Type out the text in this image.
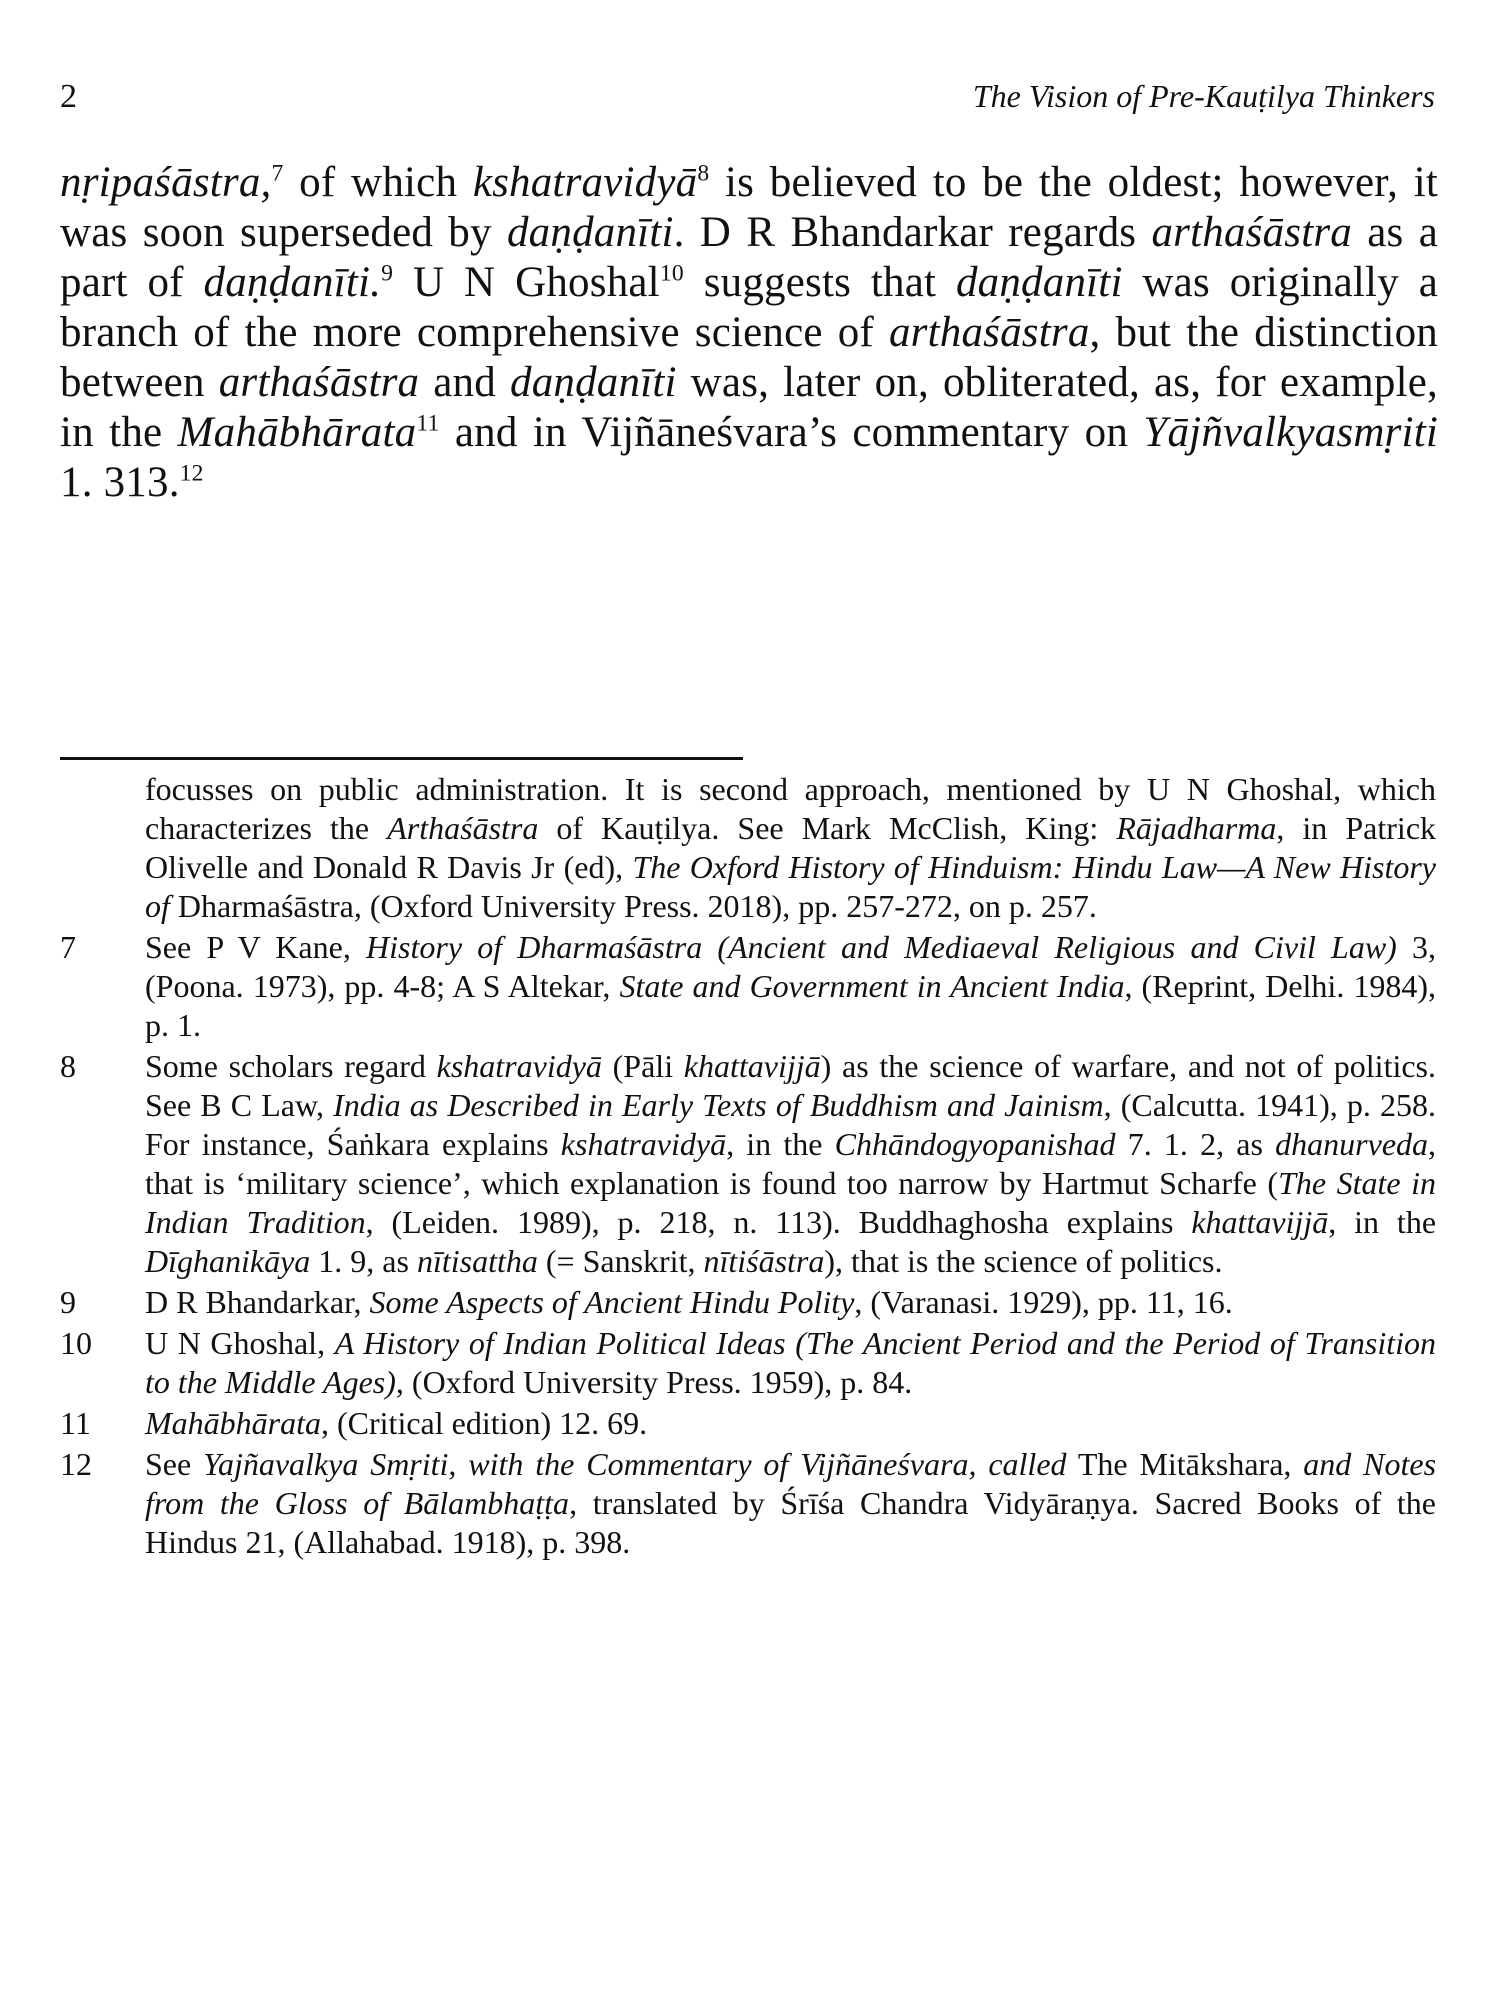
2	The Vision of Pre-Kauṭilya Thinkers

nṛipaśāstra,$^7$ of which kshatravidyā$^8$ is believed to be the oldest; however, it was soon superseded by daṇḍanīti. D R Bhandarkar regards arthaśāstra as a part of daṇḍanīti.$^9$ U N Ghoshal$^{10}$ suggests that daṇḍanīti was originally a branch of the more comprehensive science of arthaśāstra, but the distinction between arthaśāstra and daṇḍanīti was, later on, obliterated, as, for example, in the Mahābhārata$^{11}$ and in Vijñāneśvara’s commentary on Yājñvalkyasmṛiti 1. 313.12

focusses on public administration. It is second approach, mentioned by U N Ghoshal, which characterizes the Arthaśāstra of Kauṭilya. See Mark McClish, King: Rājadharma, in Patrick Olivelle and Donald R Davis Jr (ed), The Oxford History of Hinduism: Hindu Law—A New History of Dharmaśāstra, (Oxford University Press. 2018), pp. 257-272, on p. 257.
7	See P V Kane, History of Dharmaśāstra (Ancient and Mediaeval Religious and Civil Law) 3, (Poona. 1973), pp. 4-8; A S Altekar, State and Government in Ancient India, (Reprint, Delhi. 1984), p. 1.
8	Some scholars regard kshatravidyā (Pāli khattavijjā) as the science of warfare, and not of politics. See B C Law, India as Described in Early Texts of Buddhism and Jainism, (Calcutta. 1941), p. 258. For instance, Śaṅkara explains kshatravidyā, in the Chhāndogyopanishad 7. 1. 2, as dhanurveda, that is ‘military science’, which explanation is found too narrow by Hartmut Scharfe (The State in Indian Tradition, (Leiden. 1989), p. 218, n. 113). Buddhaghosha explains khattavijjā, in the Dīghanikāya 1. 9, as nītisattha (= Sanskrit, nītiśāstra), that is the science of politics.
9	D R Bhandarkar, Some Aspects of Ancient Hindu Polity, (Varanasi. 1929), pp. 11, 16.
10	U N Ghoshal, A History of Indian Political Ideas (The Ancient Period and the Period of Transition to the Middle Ages), (Oxford University Press. 1959), p. 84.
11	Mahābhārata, (Critical edition) 12. 69.
12	See Yajñavalkya Smṛiti, with the Commentary of Vijñāneśvara, called The Mitākshara, and Notes from the Gloss of Bālambhaṭṭa, translated by Śrīśa Chandra Vidyāraṇya. Sacred Books of the Hindus 21, (Allahabad. 1918), p. 398.
